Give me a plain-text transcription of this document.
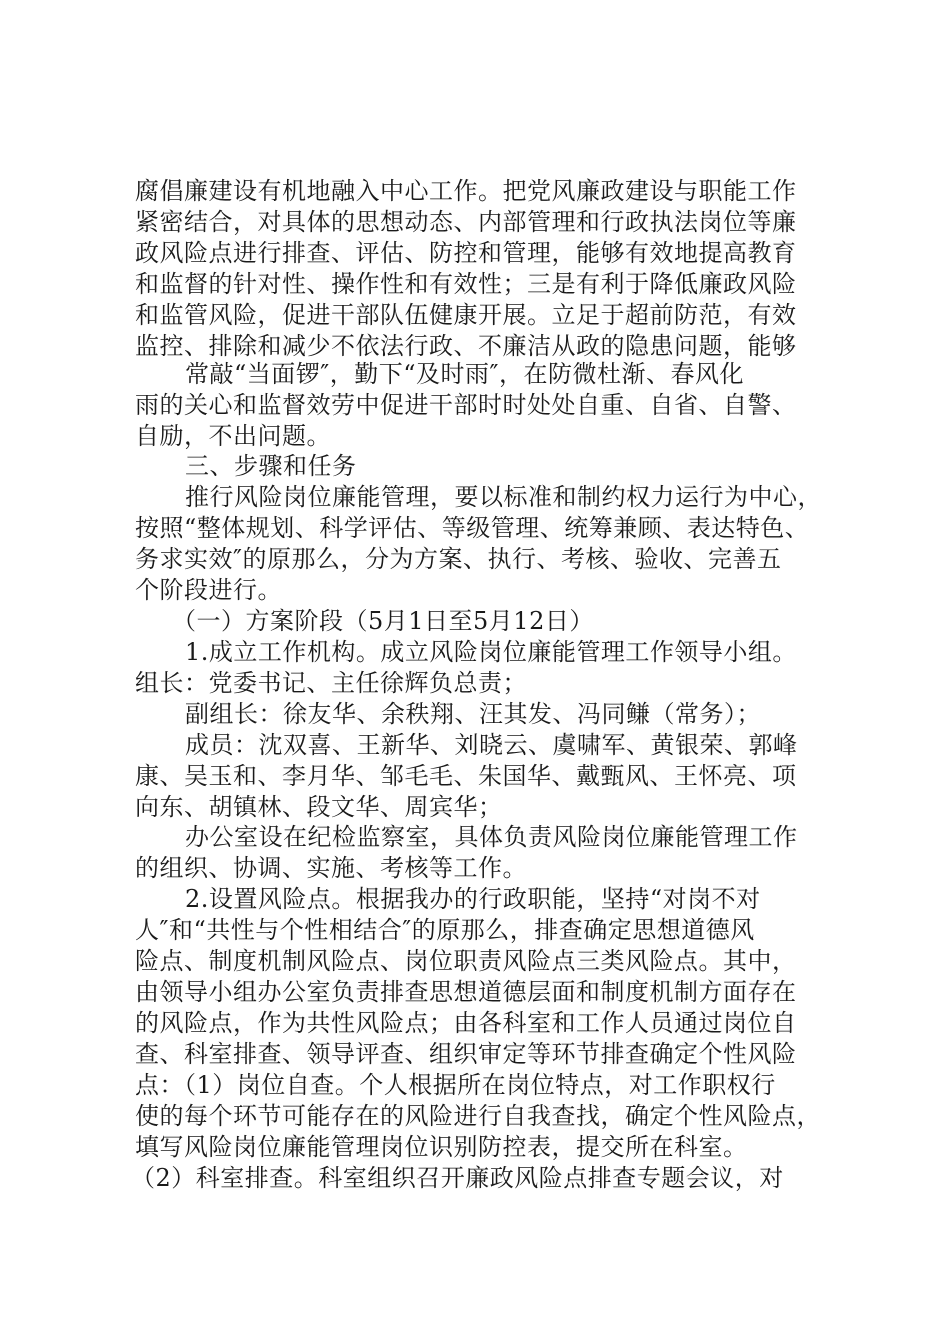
腐倡廉建设有机地融入中心工作。把党风廉政建设与职能工作
紧密结合，对具体的思想动态、内部管理和行政执法岗位等廉
政风险点进行排查、评估、防控和管理，能够有效地提高教育
和监督的针对性、操作性和有效性；三是有利于降低廉政风险
和监管风险，促进干部队伍健康开展。立足于超前防范，有效
监控、排除和减少不依法行政、不廉洁从政的隐患问题，能够
常敲“当面锣″，勤下“及时雨″，在防微杜渐、春风化
雨的关心和监督效劳中促进干部时时处处自重、自省、自警、
自励，不出问题。
三、步骤和任务
推行风险岗位廉能管理，要以标准和制约权力运行为中心，
按照“整体规划、科学评估、等级管理、统筹兼顾、表达特色、
务求实效″的原那么，分为方案、执行、考核、验收、完善五
个阶段进行。
（一）方案阶段（5月1日至5月12日）
1.成立工作机构。成立风险岗位廉能管理工作领导小组。
组长：党委书记、主任徐辉负总责；
副组长：徐友华、余秩翔、汪其发、冯同鳒（常务）；
成员：沈双喜、王新华、刘晓云、虞啸军、黄银荣、郭峰
康、吴玉和、李月华、邹毛毛、朱国华、戴甄风、王怀亮、项
向东、胡镇林、段文华、周宾华；
办公室设在纪检监察室，具体负责风险岗位廉能管理工作
的组织、协调、实施、考核等工作。
2.设置风险点。根据我办的行政职能，坚持“对岗不对
人″和“共性与个性相结合″的原那么，排查确定思想道德风
险点、制度机制风险点、岗位职责风险点三类风险点。其中，
由领导小组办公室负责排查思想道德层面和制度机制方面存在
的风险点，作为共性风险点；由各科室和工作人员通过岗位自
查、科室排查、领导评查、组织审定等环节排查确定个性风险
点：（1）岗位自查。个人根据所在岗位特点，对工作职权行
使的每个环节可能存在的风险进行自我查找，确定个性风险点，
填写风险岗位廉能管理岗位识别防控表，提交所在科室。
（2）科室排查。科室组织召开廉政风险点排查专题会议，对
